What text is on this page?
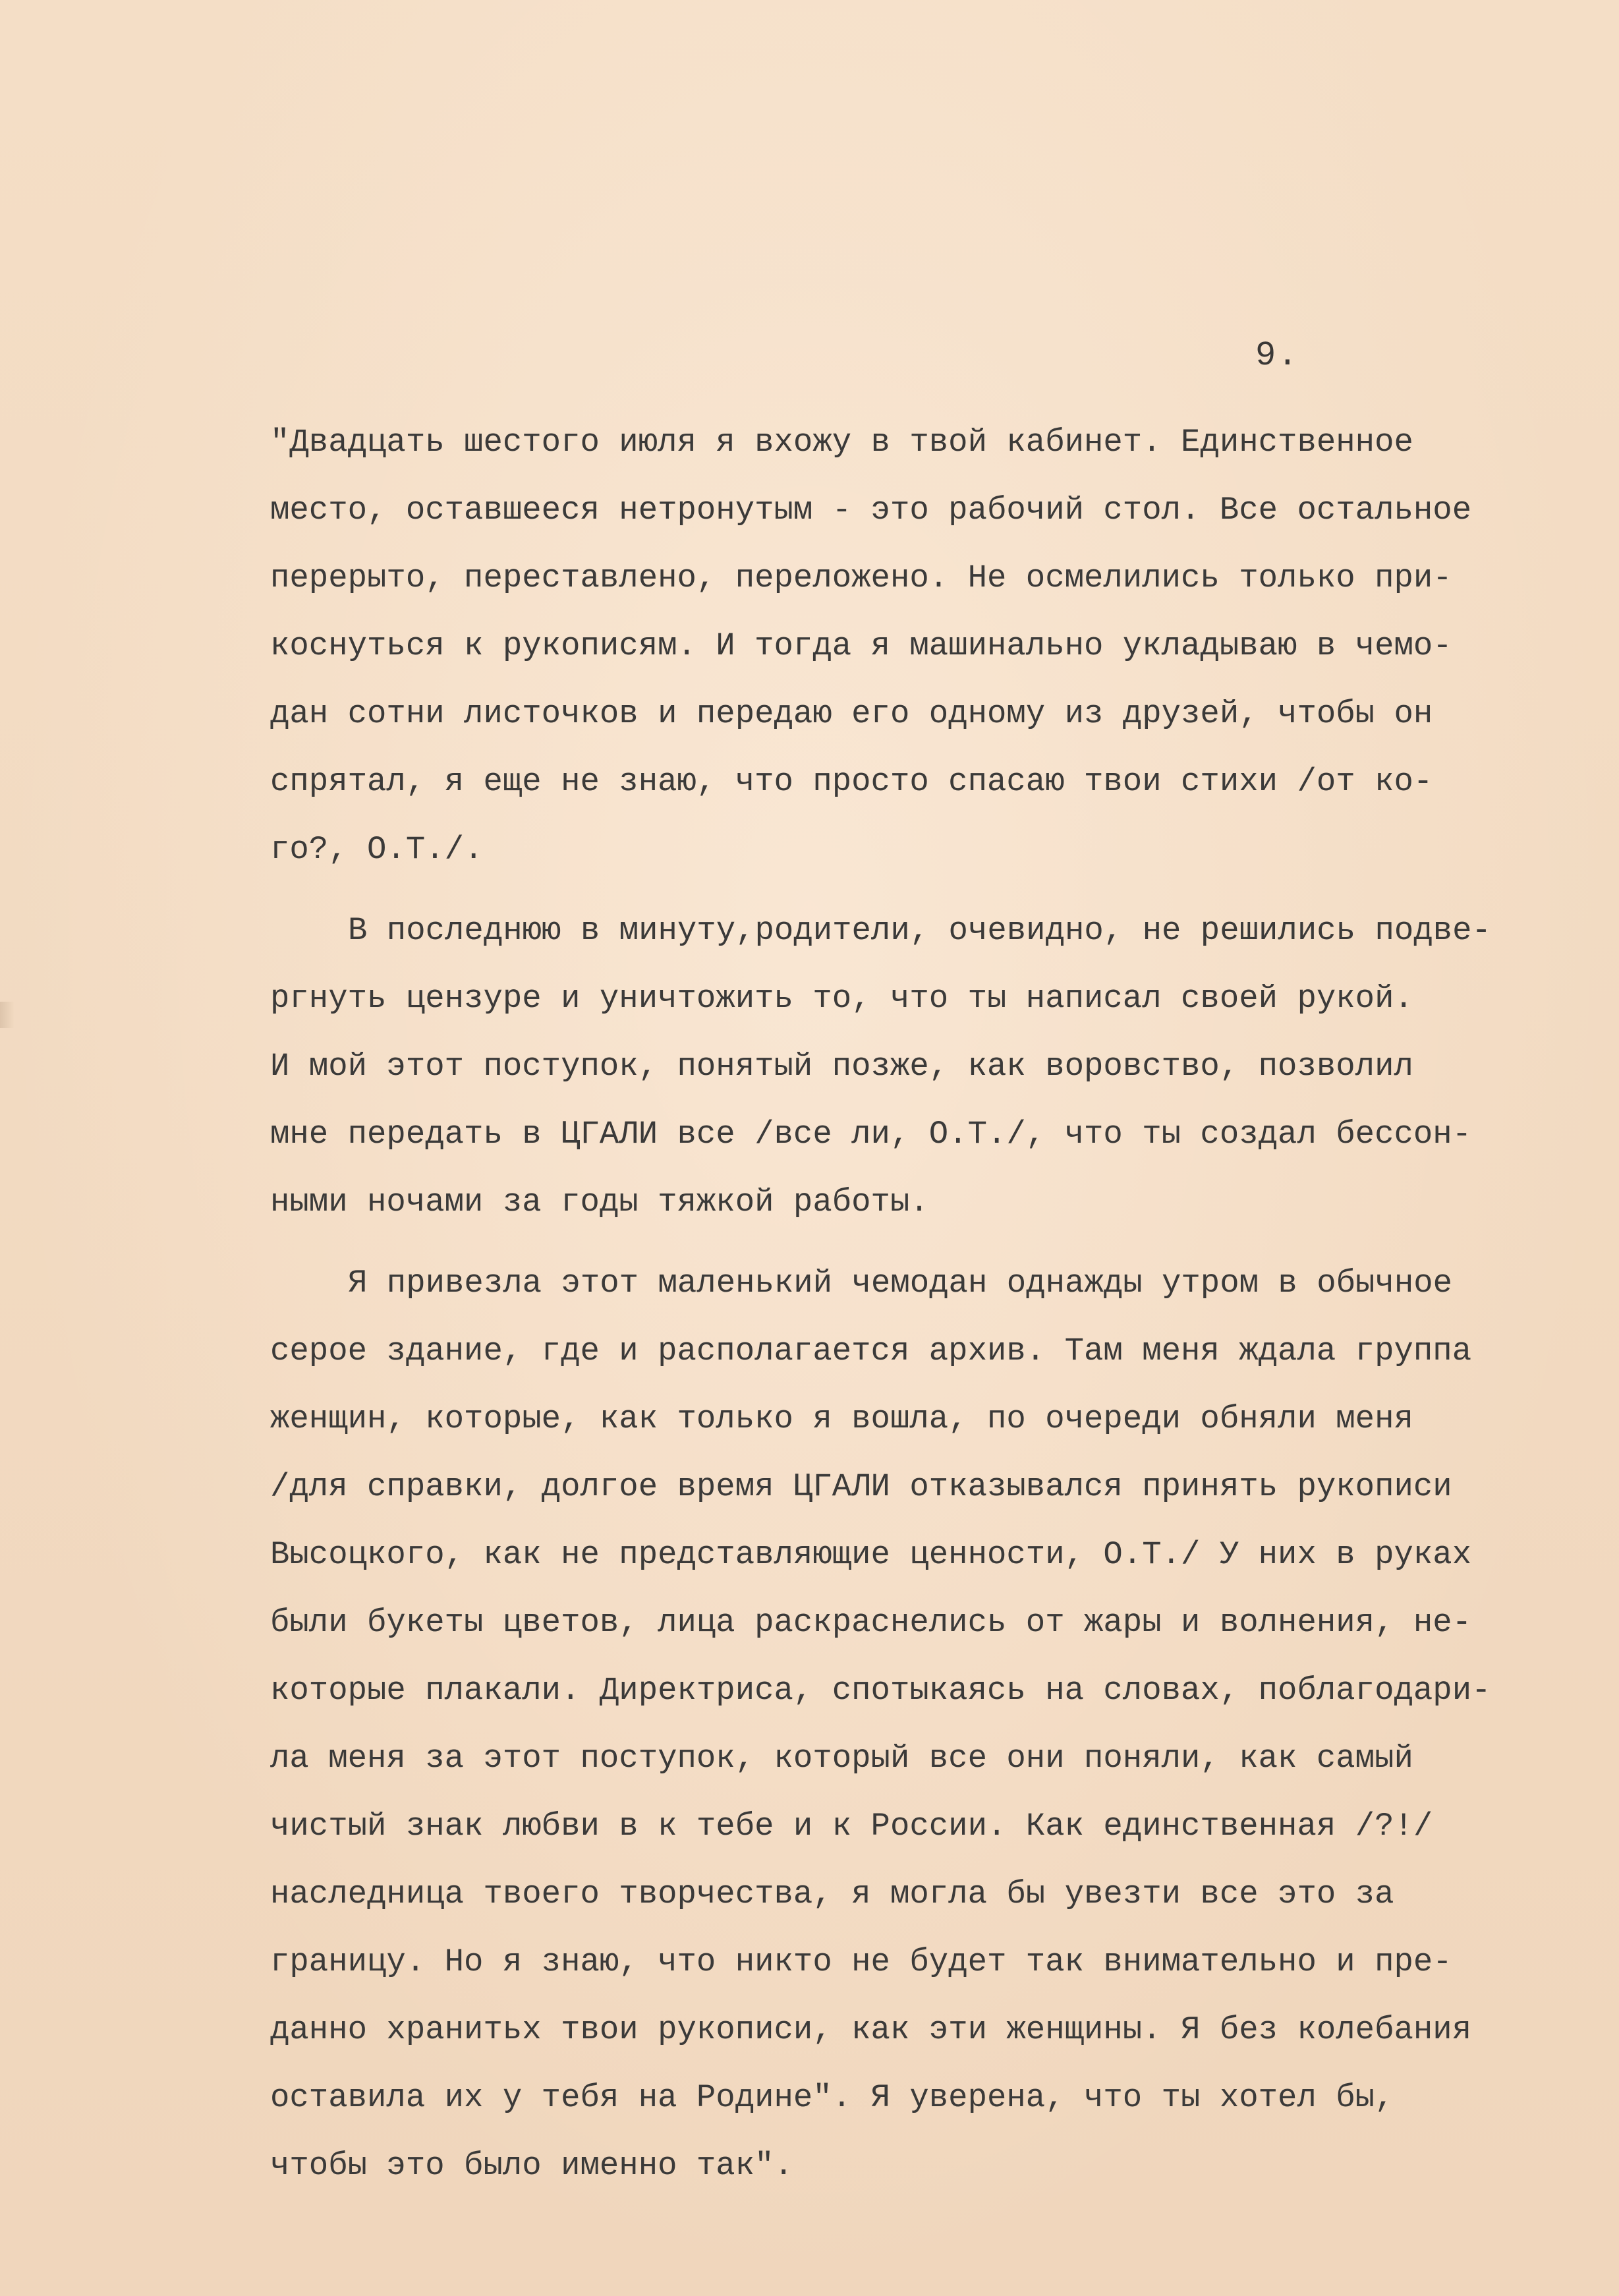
9.
"Двадцать шестого июля я вхожу в твой кабинет. Единственное
место, оставшееся нетронутым - это рабочий стол. Все остальное
перерыто, переставлено, переложено. Не осмелились только при-
коснуться к рукописям. И тогда я машинально укладываю в чемо-
дан сотни листочков и передаю его одному из друзей, чтобы он
спрятал, я еще не знаю, что просто спасаю твои стихи /от ко-
го?, О.Т./.
В последнюю в минуту,родители, очевидно, не решились подве-
ргнуть цензуре и уничтожить то, что ты написал своей рукой.
И мой этот поступок, понятый позже, как воровство, позволил
мне передать в ЦГАЛИ все /все ли, О.Т./, что ты создал бессон-
ными ночами за годы тяжкой работы.
Я привезла этот маленький чемодан однажды утром в обычное
серое здание, где и располагается архив. Там меня ждала группа
женщин, которые, как только я вошла, по очереди обняли меня
/для справки, долгое время ЦГАЛИ отказывался принять рукописи
Высоцкого, как не представляющие ценности, О.Т./ У них в руках
были букеты цветов, лица раскраснелись от жары и волнения, не-
которые плакали. Директриса, спотыкаясь на словах, поблагодари-
ла меня за этот поступок, который все они поняли, как самый
чистый знак любви в к тебе и к России. Как единственная /?!/
наследница твоего творчества, я могла бы увезти все это за
границу. Но я знаю, что никто не будет так внимательно и пре-
данно хранитьх твои рукописи, как эти женщины. Я без колебания
оставила их у тебя на Родине". Я уверена, что ты хотел бы,
чтобы это было именно так".
